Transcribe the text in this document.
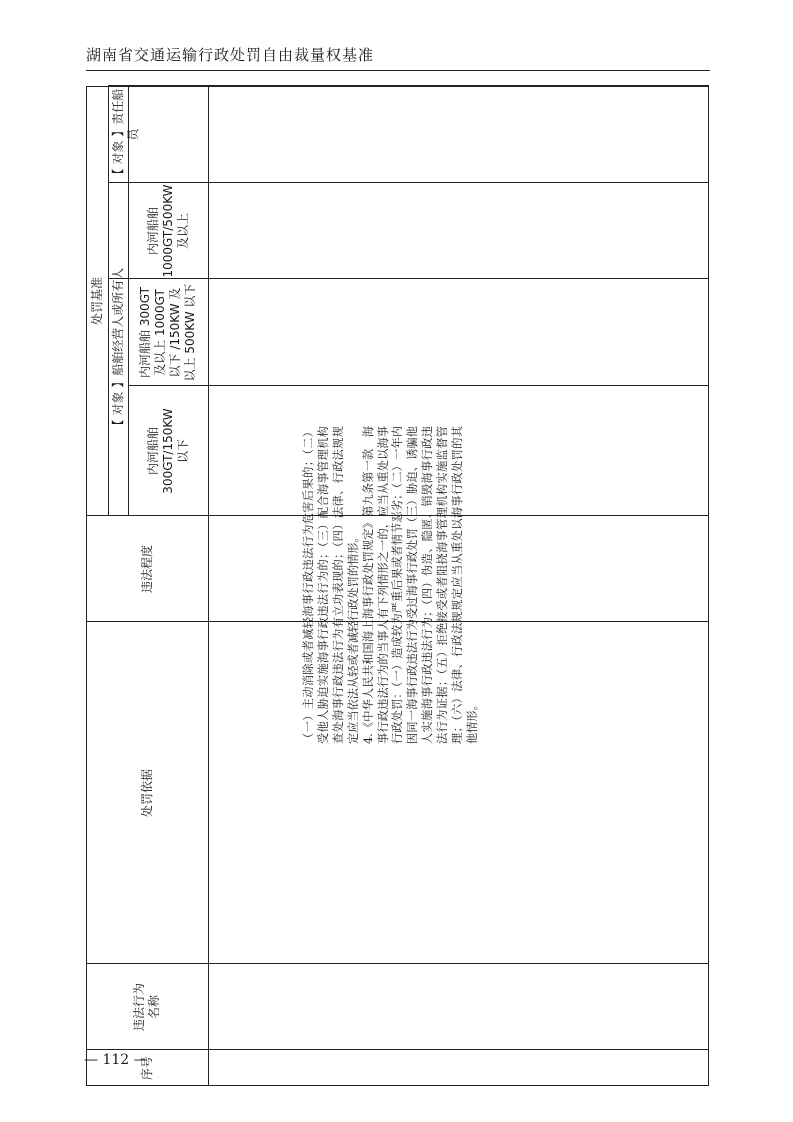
湖南省交通运输行政处罚自由裁量权基准
序号
违法行为名称
处罚依据
违法程度
处罚基准 【 对象 】船舶经营人或所有人
【 对象 】责任船员
内河船舶 300GT/150KW 以下
内河船舶 300GT 及以上 1000GT 以下 /150KW 及以上 500KW 以下
内河船舶 1000GT/500KW 及以上

（一）主动消除或者减轻海事行政违法行为危害后果的；（二）受他人胁迫实施海事行政违法行为的；（三）配合海事管理机构查处海事行政违法行为有立功表现的；（四）法律、行政法规规定应当依法从轻或者减轻行政处罚的情形。 4.《中华人民共和国海上海事行政处罚规定》第九条第一款　海事行政违法行为的当事人有下列情形之一的，应当从重处以海事行政处罚：（一）造成较为严重后果或者情节恶劣；（二）一年内因同一海事行政违法行为受过海事行政处罚（三）胁迫、诱骗他人实施海事行政违法行为；（四）伪造、隐匿、销毁海事行政违法行为证据；（五）拒绝接受或者阻挠海事管理机构实施监督管理；（六）法律、行政法规规定应当从重处以海事行政处罚的其他情形。

— 112 —
